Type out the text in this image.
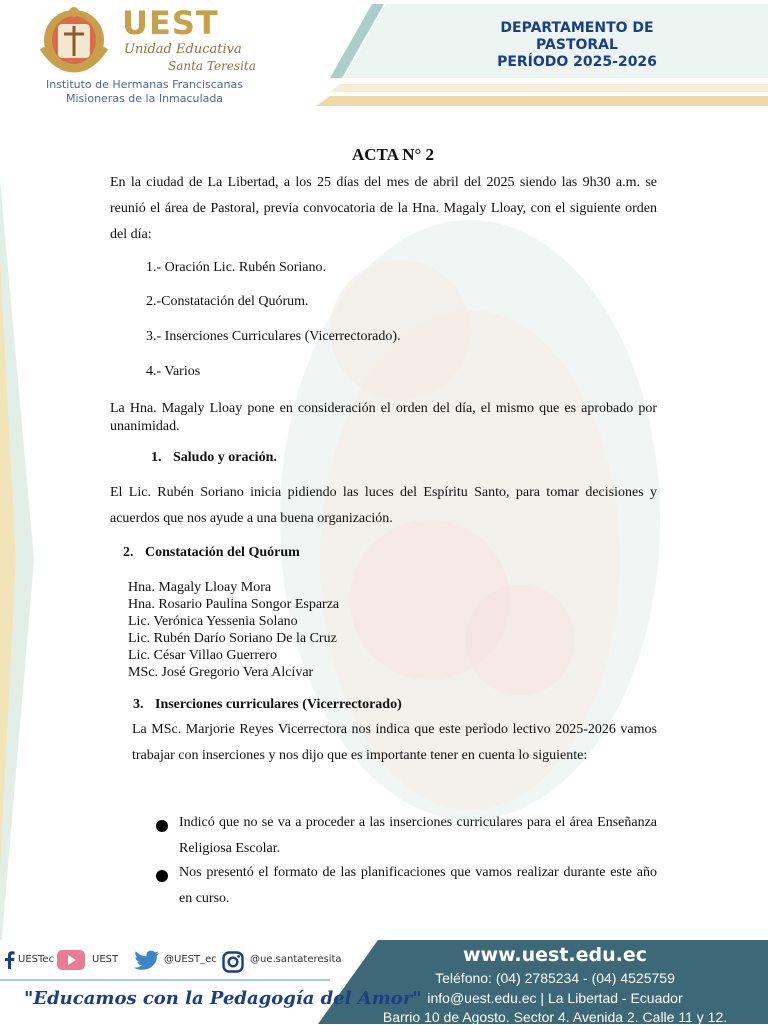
UEST
Unidad Educativa
Santa Teresita
Instituto de Hermanas Franciscanas
Misioneras de la Inmaculada
DEPARTAMENTO DE
PASTORAL
PERÍODO 2025-2026
ACTA N° 2
En la ciudad de La Libertad, a los 25 días del mes de abril del 2025 siendo las 9h30 a.m. se reunió el área de Pastoral, previa convocatoria de la Hna. Magaly Lloay, con el siguiente orden del día:
1.- Oración Lic. Rubén Soriano.
2.-Constatación del Quórum.
3.- Inserciones Curriculares (Vicerrectorado).
4.- Varios
La Hna. Magaly Lloay pone en consideración el orden del día, el mismo que es aprobado por unanimidad.
1. Saludo y oración.
El Lic. Rubén Soriano inicia pidiendo las luces del Espíritu Santo, para tomar decisiones y acuerdos que nos ayude a una buena organización.
2. Constatación del Quórum
Hna. Magaly Lloay Mora
Hna. Rosario Paulina Songor Esparza
Lic. Verónica Yessenia Solano
Lic. Rubén Darío Soriano De la Cruz
Lic. César Villao Guerrero
MSc. José Gregorio Vera Alcívar
3. Inserciones curriculares (Vicerrectorado)
La MSc. Marjorie Reyes Vicerrectora nos indica que este perìodo lectivo 2025-2026 vamos trabajar con inserciones y nos dijo que es importante tener en cuenta lo siguiente:
Indicó que no se va a proceder a las inserciones curriculares para el área Enseñanza Religiosa Escolar.
Nos presentó el formato de las planificaciones que vamos realizar durante este año en curso.
UESTec	UEST	@UEST_ec	@ue.santateresita
"Educamos con la Pedagogía del Amor"
www.uest.edu.ec
Teléfono: (04) 2785234 - (04) 4525759
info@uest.edu.ec | La Libertad - Ecuador
Barrio 10 de Agosto. Sector 4. Avenida 2. Calle 11 y 12.
